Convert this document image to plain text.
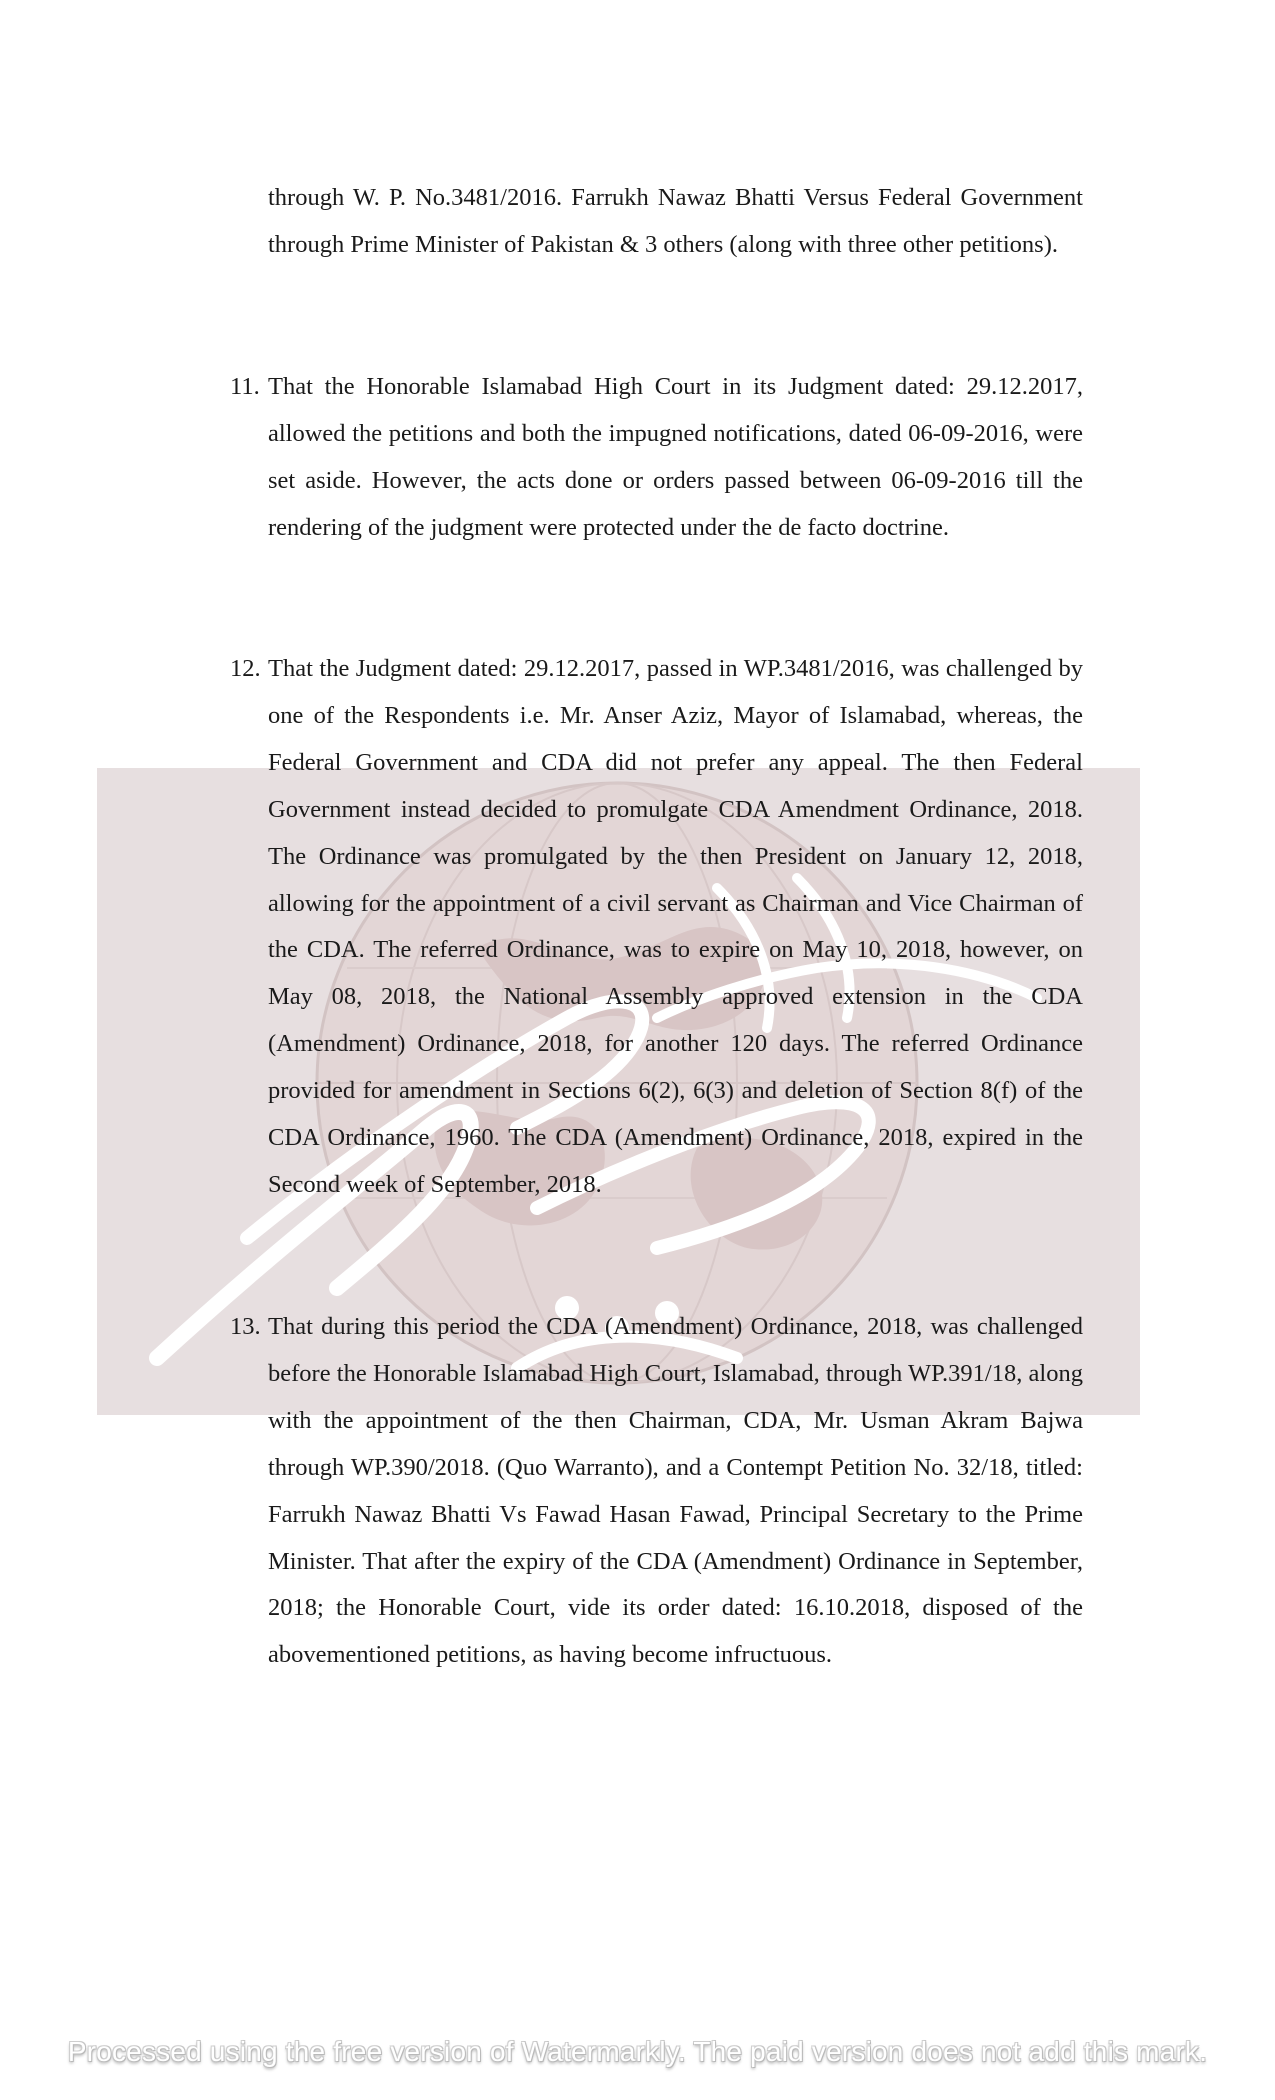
through W. P. No.3481/2016. Farrukh Nawaz Bhatti Versus Federal Government through Prime Minister of Pakistan & 3 others (along with three other petitions).

11. That the Honorable Islamabad High Court in its Judgment dated: 29.12.2017, allowed the petitions and both the impugned notifications, dated 06-09-2016, were set aside. However, the acts done or orders passed between 06-09-2016 till the rendering of the judgment were protected under the de facto doctrine.

12. That the Judgment dated: 29.12.2017, passed in WP.3481/2016, was challenged by one of the Respondents i.e. Mr. Anser Aziz, Mayor of Islamabad, whereas, the Federal Government and CDA did not prefer any appeal. The then Federal Government instead decided to promulgate CDA Amendment Ordinance, 2018. The Ordinance was promulgated by the then President on January 12, 2018, allowing for the appointment of a civil servant as Chairman and Vice Chairman of the CDA. The referred Ordinance, was to expire on May 10, 2018, however, on May 08, 2018, the National Assembly approved extension in the CDA (Amendment) Ordinance, 2018, for another 120 days. The referred Ordinance provided for amendment in Sections 6(2), 6(3) and deletion of Section 8(f) of the CDA Ordinance, 1960. The CDA (Amendment) Ordinance, 2018, expired in the Second week of September, 2018.

13. That during this period the CDA (Amendment) Ordinance, 2018, was challenged before the Honorable Islamabad High Court, Islamabad, through WP.391/18, along with the appointment of the then Chairman, CDA, Mr. Usman Akram Bajwa through WP.390/2018. (Quo Warranto), and a Contempt Petition No. 32/18, titled: Farrukh Nawaz Bhatti Vs Fawad Hasan Fawad, Principal Secretary to the Prime Minister. That after the expiry of the CDA (Amendment) Ordinance in September, 2018; the Honorable Court, vide its order dated: 16.10.2018, disposed of the abovementioned petitions, as having become infructuous.

Processed using the free version of Watermarkly. The paid version does not add this mark.
